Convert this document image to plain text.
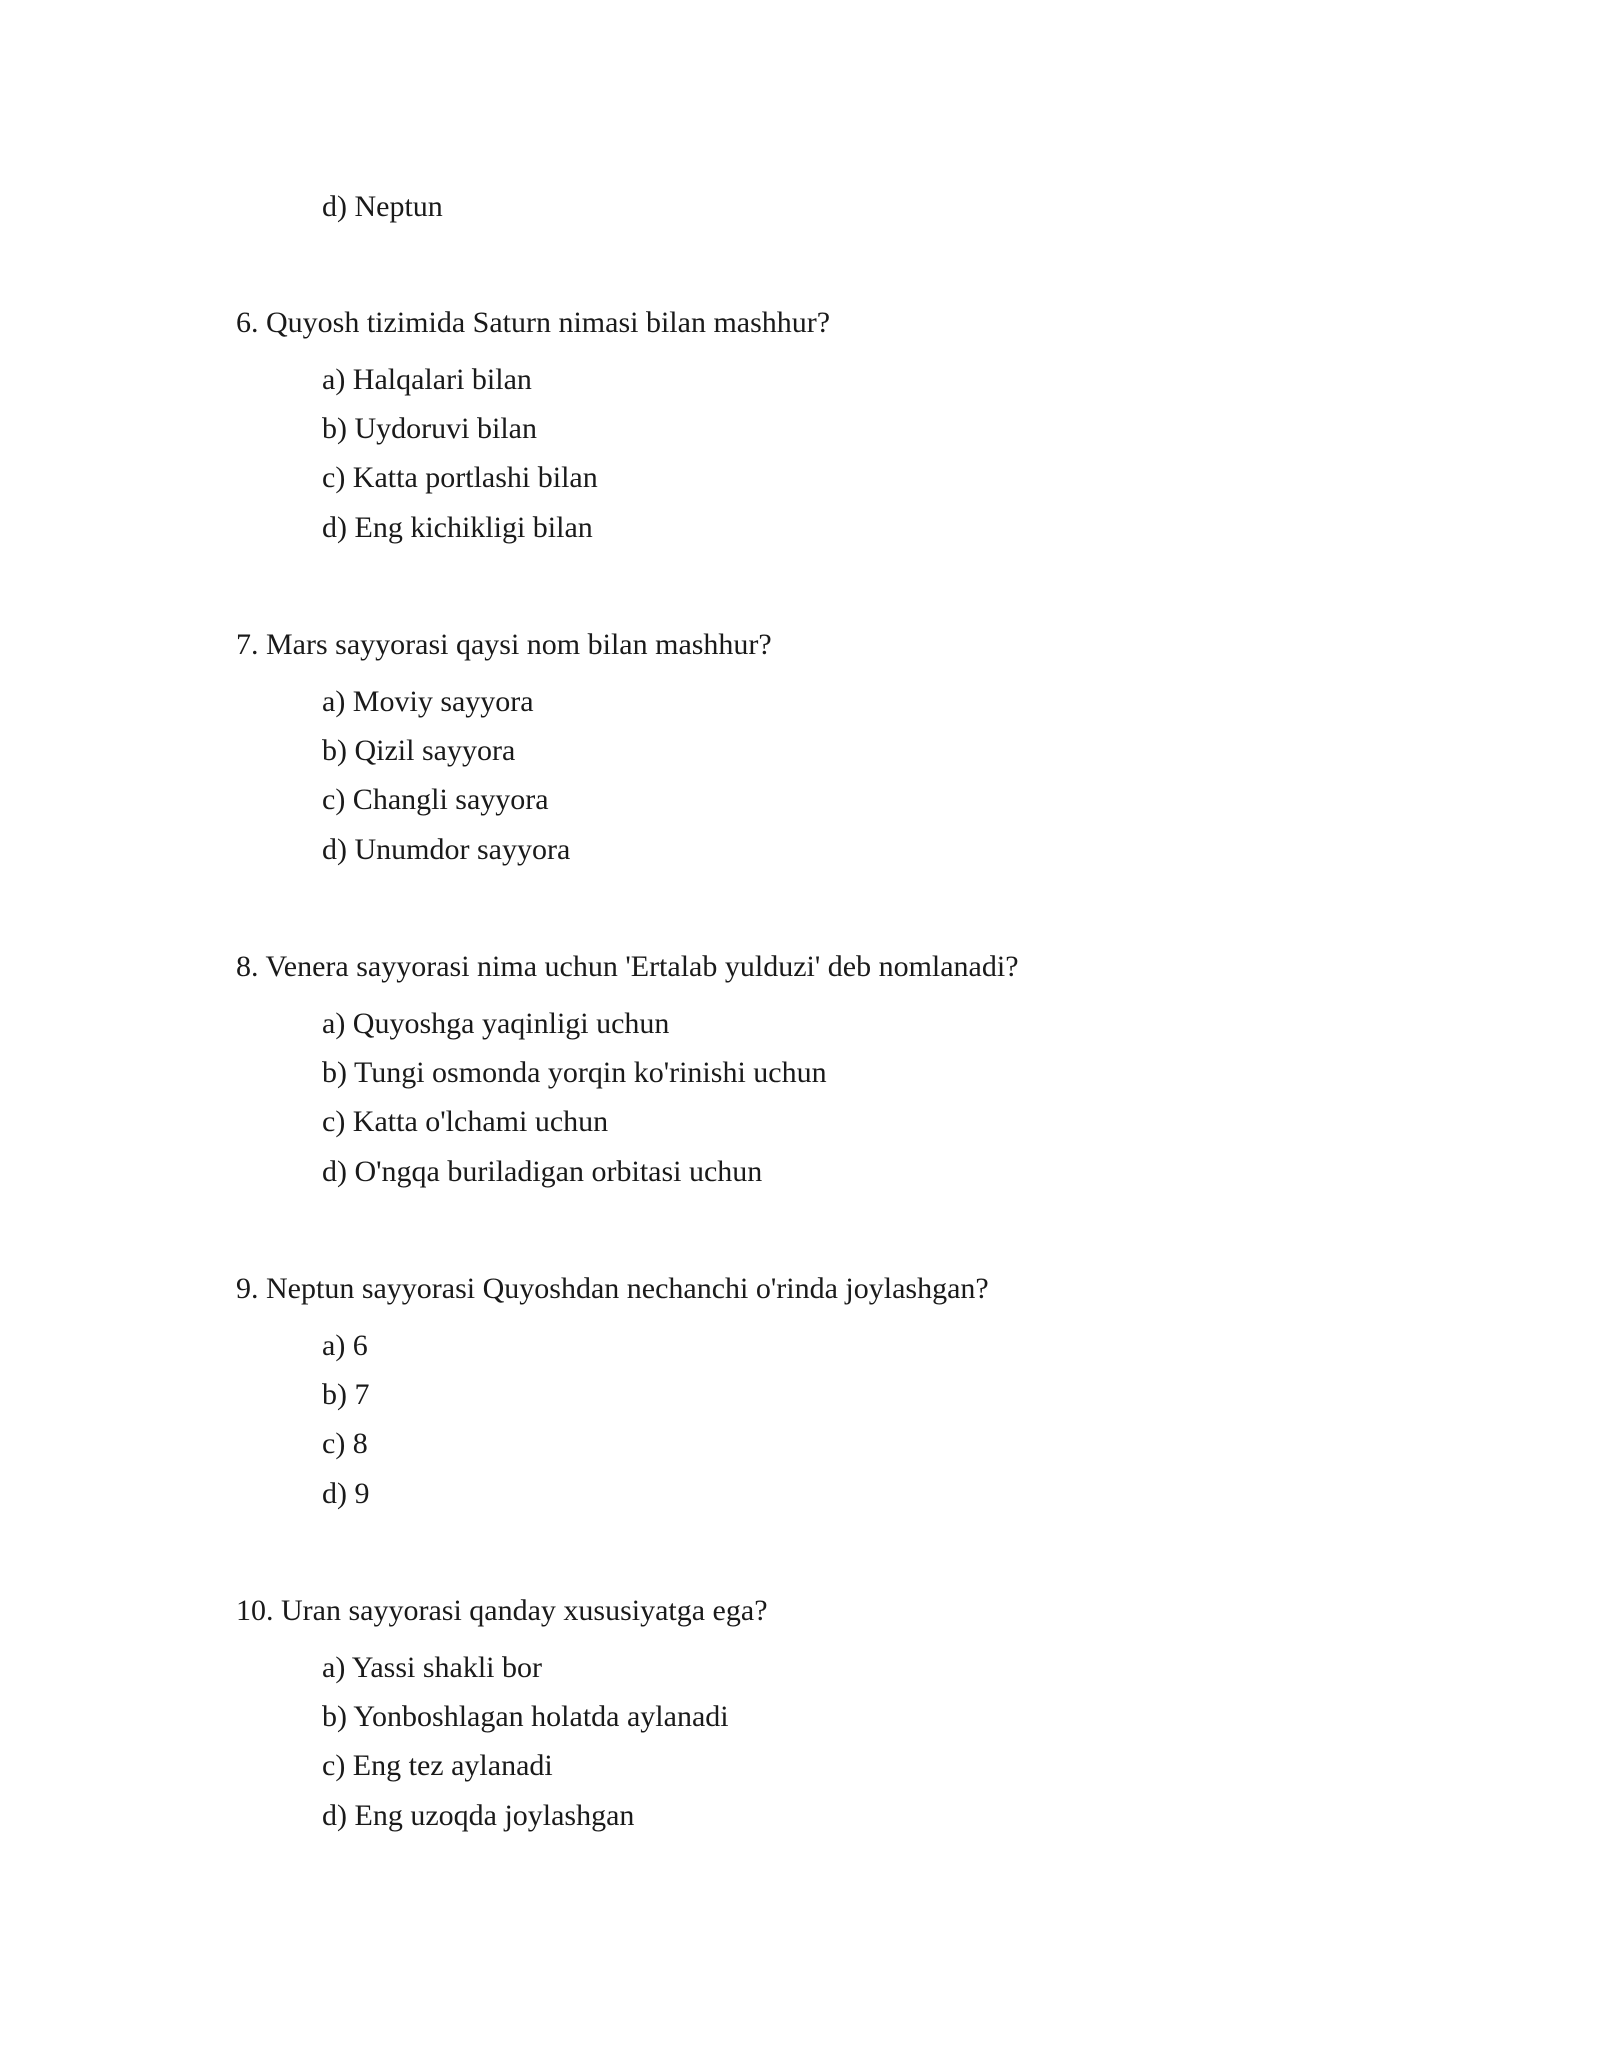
d) Neptun
6. Quyosh tizimida Saturn nimasi bilan mashhur?
a) Halqalari bilan
b) Uydoruvi bilan
c) Katta portlashi bilan
d) Eng kichikligi bilan
7. Mars sayyorasi qaysi nom bilan mashhur?
a) Moviy sayyora
b) Qizil sayyora
c) Changli sayyora
d) Unumdor sayyora
8. Venera sayyorasi nima uchun 'Ertalab yulduzi' deb nomlanadi?
a) Quyoshga yaqinligi uchun
b) Tungi osmonda yorqin ko'rinishi uchun
c) Katta o'lchami uchun
d) O'ngqa buriladigan orbitasi uchun
9. Neptun sayyorasi Quyoshdan nechanchi o'rinda joylashgan?
a) 6
b) 7
c) 8
d) 9
10. Uran sayyorasi qanday xususiyatga ega?
a) Yassi shakli bor
b) Yonboshlagan holatda aylanadi
c) Eng tez aylanadi
d) Eng uzoqda joylashgan
